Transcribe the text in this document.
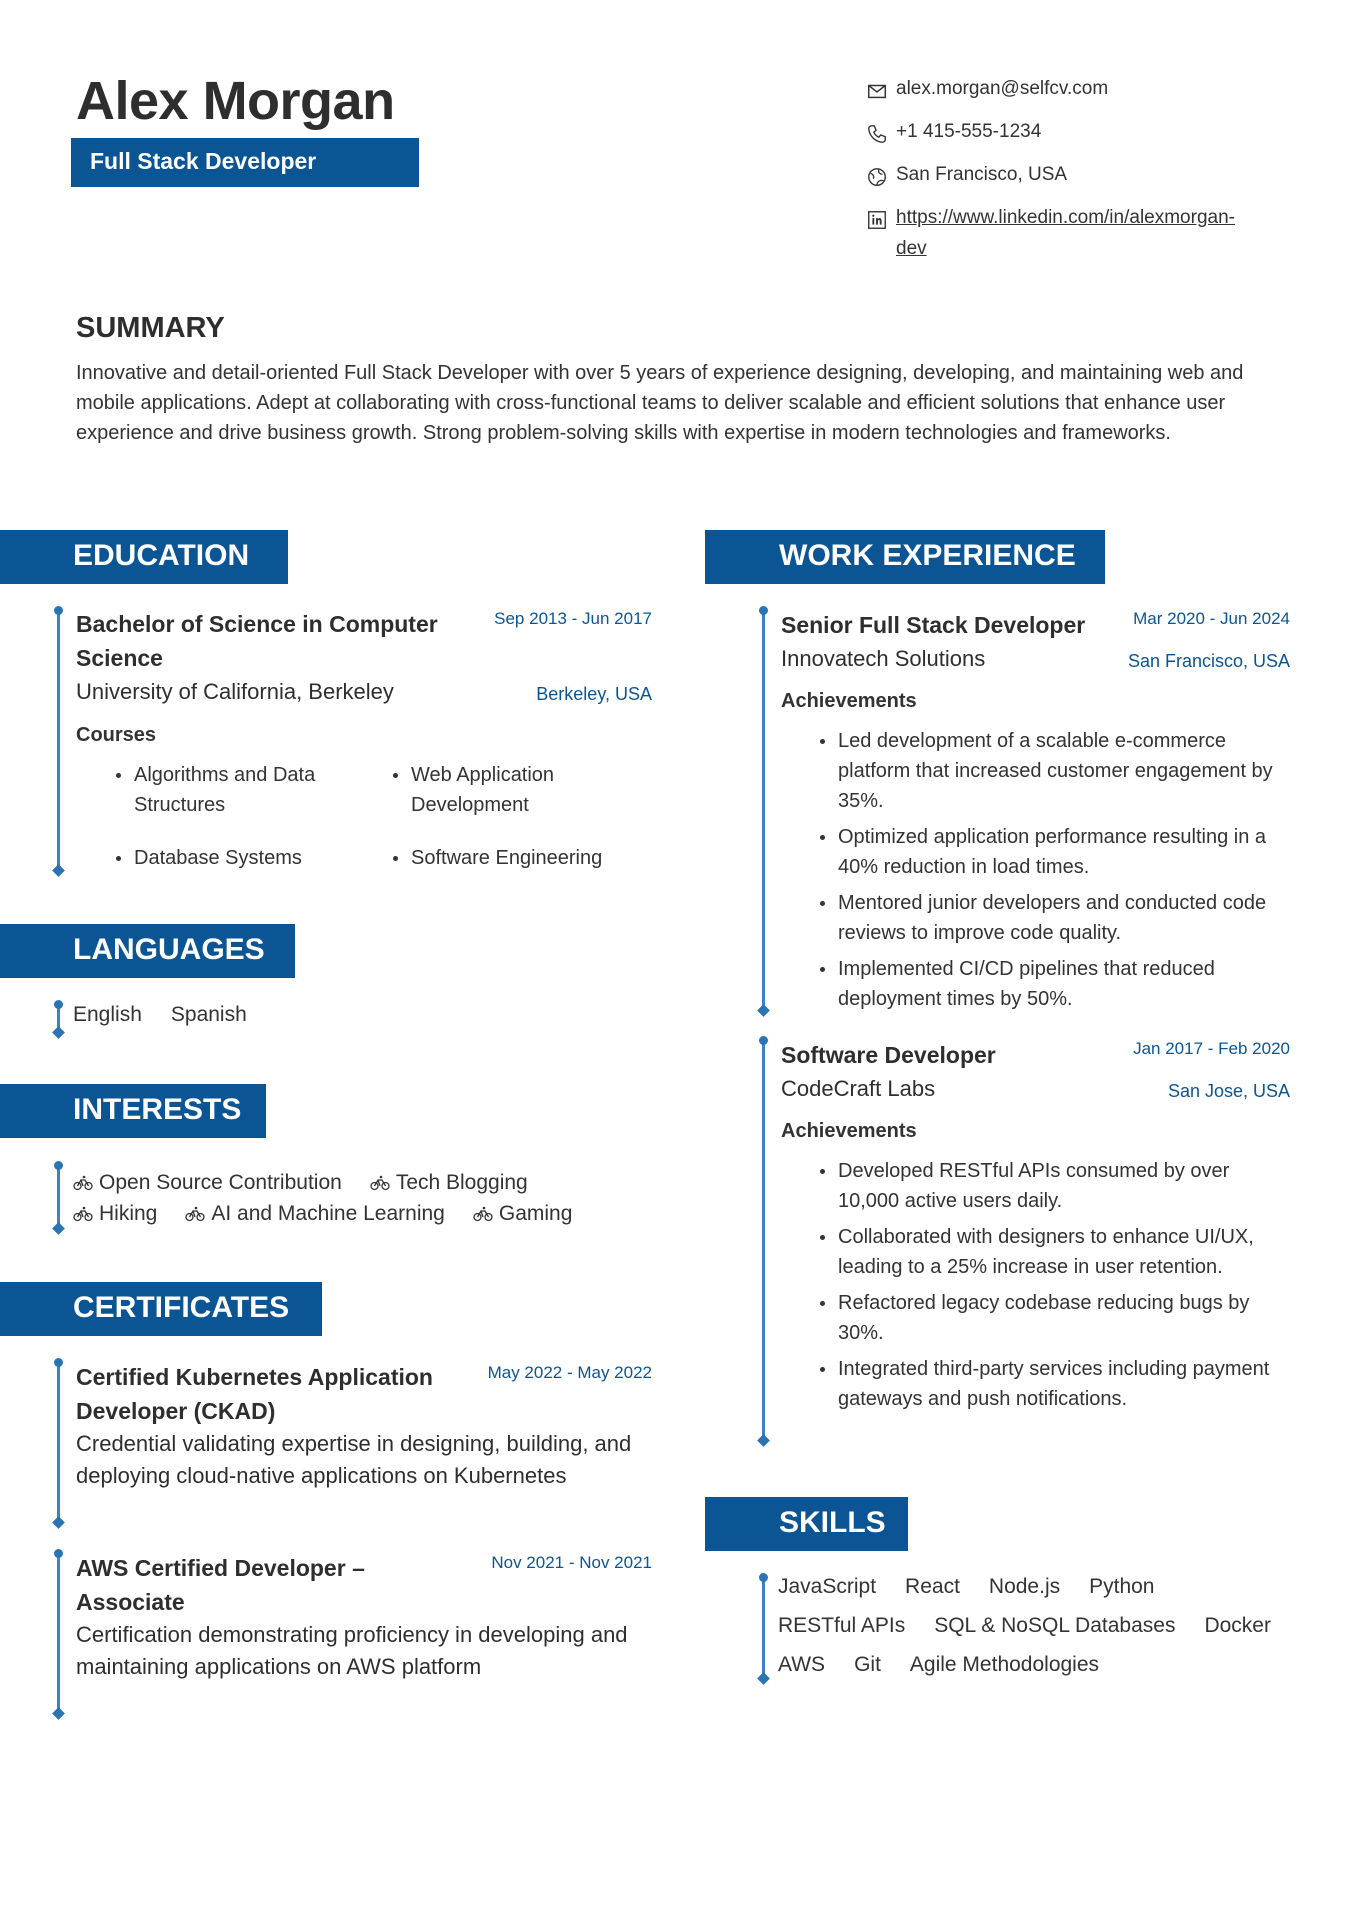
Alex Morgan
Full Stack Developer
alex.morgan@selfcv.com
+1 415-555-1234
San Francisco, USA
https://www.linkedin.com/in/alexmorgan-
dev
SUMMARY
Innovative and detail-oriented Full Stack Developer with over 5 years of experience designing, developing, and maintaining web and mobile applications. Adept at collaborating with cross-functional teams to deliver scalable and efficient solutions that enhance user experience and drive business growth. Strong problem-solving skills with expertise in modern technologies and frameworks.
EDUCATION
Bachelor of Science in Computer Science
Sep 2013 - Jun 2017
University of California, Berkeley	Berkeley, USA
Courses
Algorithms and Data Structures
Database Systems
Web Application Development
Software Engineering
LANGUAGES
English Spanish
INTERESTS
Open Source Contribution	Tech Blogging
Hiking	AI and Machine Learning	Gaming
CERTIFICATES
Certified Kubernetes Application Developer (CKAD)
May 2022 - May 2022
Credential validating expertise in designing, building, and deploying cloud-native applications on Kubernetes
AWS Certified Developer – Associate
Nov 2021 - Nov 2021
Certification demonstrating proficiency in developing and maintaining applications on AWS platform
WORK EXPERIENCE
Senior Full Stack Developer	Mar 2020 - Jun 2024
Innovatech Solutions	San Francisco, USA
Achievements
Led development of a scalable e-commerce platform that increased customer engagement by 35%.
Optimized application performance resulting in a 40% reduction in load times.
Mentored junior developers and conducted code reviews to improve code quality.
Implemented CI/CD pipelines that reduced deployment times by 50%.
Software Developer	Jan 2017 - Feb 2020
CodeCraft Labs	San Jose, USA
Achievements
Developed RESTful APIs consumed by over 10,000 active users daily.
Collaborated with designers to enhance UI/UX, leading to a 25% increase in user retention.
Refactored legacy codebase reducing bugs by 30%.
Integrated third-party services including payment gateways and push notifications.
SKILLS
JavaScript React Node.js Python
RESTful APIs SQL & NoSQL Databases Docker
AWS Git Agile Methodologies
